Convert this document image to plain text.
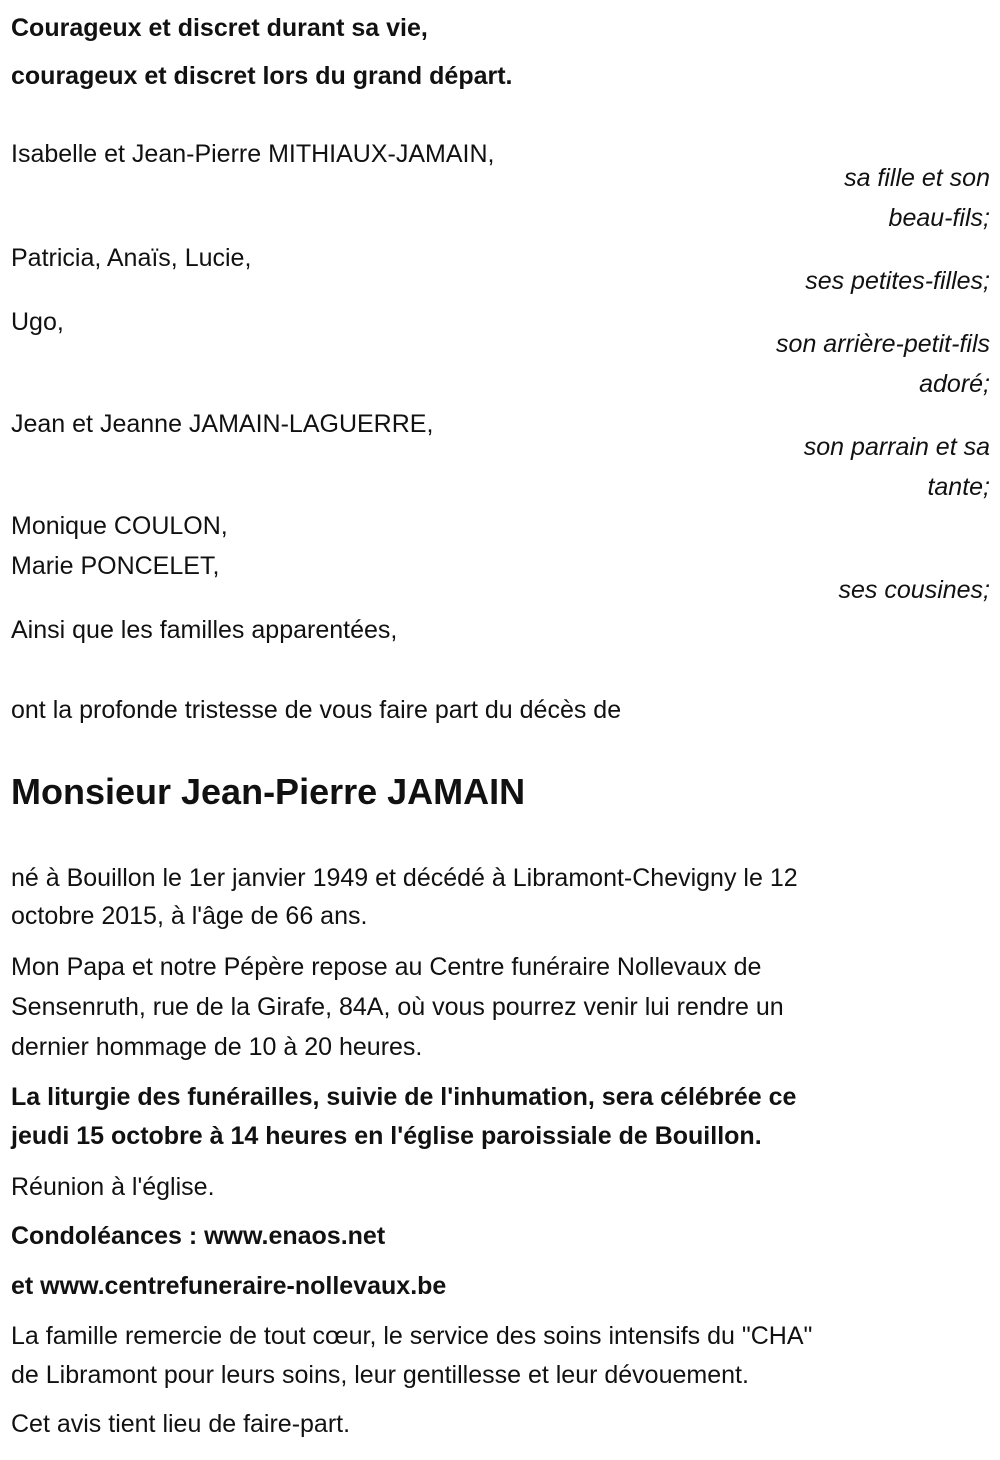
Courageux et discret durant sa vie,
courageux et discret lors du grand départ.
Isabelle et Jean-Pierre MITHIAUX-JAMAIN,
sa fille et son
beau-fils;
Patricia, Anaïs, Lucie,
ses petites-filles;
Ugo,
son arrière-petit-fils
adoré;
Jean et Jeanne JAMAIN-LAGUERRE,
son parrain et sa
tante;
Monique COULON,
Marie PONCELET,
ses cousines;
Ainsi que les familles apparentées,
ont la profonde tristesse de vous faire part du décès de
Monsieur Jean-Pierre JAMAIN
né à Bouillon le 1er janvier 1949 et décédé à Libramont-Chevigny le 12
octobre 2015, à l'âge de 66 ans.
Mon Papa et notre Pépère repose au Centre funéraire Nollevaux de
Sensenruth, rue de la Girafe, 84A, où vous pourrez venir lui rendre un
dernier hommage de 10 à 20 heures.
La liturgie des funérailles, suivie de l'inhumation, sera célébrée ce
jeudi 15 octobre à 14 heures en l'église paroissiale de Bouillon.
Réunion à l'église.
Condoléances : www.enaos.net
et www.centrefuneraire-nollevaux.be
La famille remercie de tout cœur, le service des soins intensifs du "CHA"
de Libramont pour leurs soins, leur gentillesse et leur dévouement.
Cet avis tient lieu de faire-part.
